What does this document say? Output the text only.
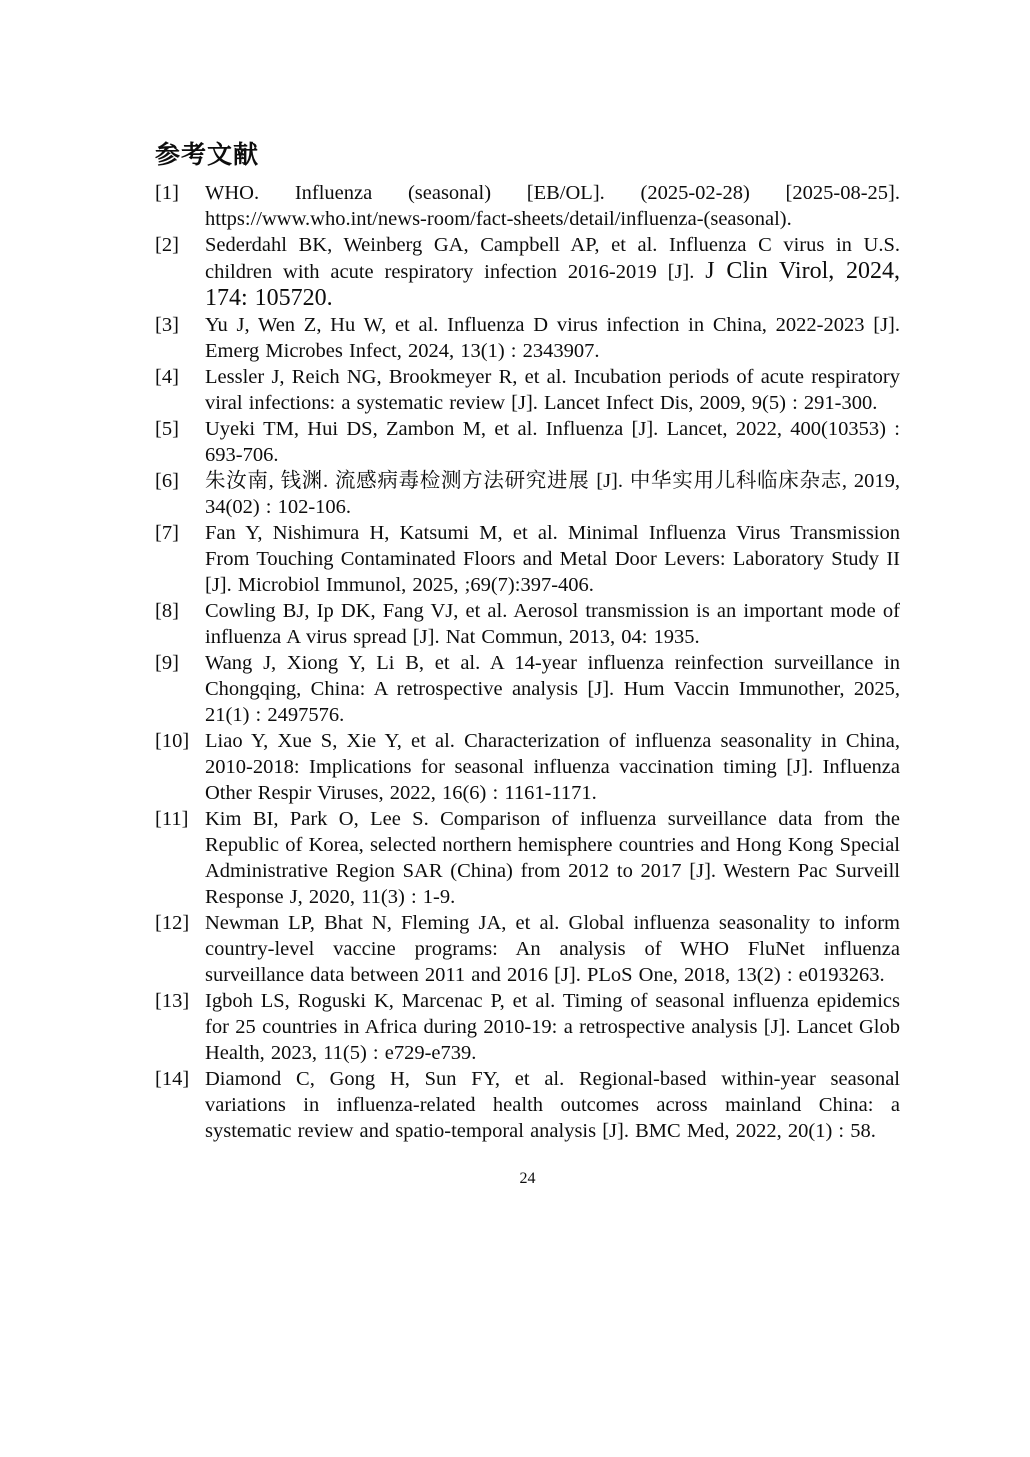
参考文献
[1] WHO. Influenza (seasonal) [EB/OL]. (2025-02-28) [2025-08-25]. https://www.who.int/news-room/fact-sheets/detail/influenza-(seasonal).
[2] Sederdahl BK, Weinberg GA, Campbell AP, et al. Influenza C virus in U.S. children with acute respiratory infection 2016-2019 [J]. J Clin Virol, 2024, 174: 105720.
[3] Yu J, Wen Z, Hu W, et al. Influenza D virus infection in China, 2022-2023 [J]. Emerg Microbes Infect, 2024, 13(1) : 2343907.
[4] Lessler J, Reich NG, Brookmeyer R, et al. Incubation periods of acute respiratory viral infections: a systematic review [J]. Lancet Infect Dis, 2009, 9(5) : 291-300.
[5] Uyeki TM, Hui DS, Zambon M, et al. Influenza [J]. Lancet, 2022, 400(10353) : 693-706.
[6] 朱汝南, 钱渊. 流感病毒检测方法研究进展 [J]. 中华实用儿科临床杂志, 2019, 34(02) : 102-106.
[7] Fan Y, Nishimura H, Katsumi M, et al. Minimal Influenza Virus Transmission From Touching Contaminated Floors and Metal Door Levers: Laboratory Study II [J]. Microbiol Immunol, 2025, ;69(7):397-406.
[8] Cowling BJ, Ip DK, Fang VJ, et al. Aerosol transmission is an important mode of influenza A virus spread [J]. Nat Commun, 2013, 04: 1935.
[9] Wang J, Xiong Y, Li B, et al. A 14-year influenza reinfection surveillance in Chongqing, China: A retrospective analysis [J]. Hum Vaccin Immunother, 2025, 21(1) : 2497576.
[10] Liao Y, Xue S, Xie Y, et al. Characterization of influenza seasonality in China, 2010-2018: Implications for seasonal influenza vaccination timing [J]. Influenza Other Respir Viruses, 2022, 16(6) : 1161-1171.
[11] Kim BI, Park O, Lee S. Comparison of influenza surveillance data from the Republic of Korea, selected northern hemisphere countries and Hong Kong Special Administrative Region SAR (China) from 2012 to 2017 [J]. Western Pac Surveill Response J, 2020, 11(3) : 1-9.
[12] Newman LP, Bhat N, Fleming JA, et al. Global influenza seasonality to inform country-level vaccine programs: An analysis of WHO FluNet influenza surveillance data between 2011 and 2016 [J]. PLoS One, 2018, 13(2) : e0193263.
[13] Igboh LS, Roguski K, Marcenac P, et al. Timing of seasonal influenza epidemics for 25 countries in Africa during 2010-19: a retrospective analysis [J]. Lancet Glob Health, 2023, 11(5) : e729-e739.
[14] Diamond C, Gong H, Sun FY, et al. Regional-based within-year seasonal variations in influenza-related health outcomes across mainland China: a systematic review and spatio-temporal analysis [J]. BMC Med, 2022, 20(1) : 58.
24
